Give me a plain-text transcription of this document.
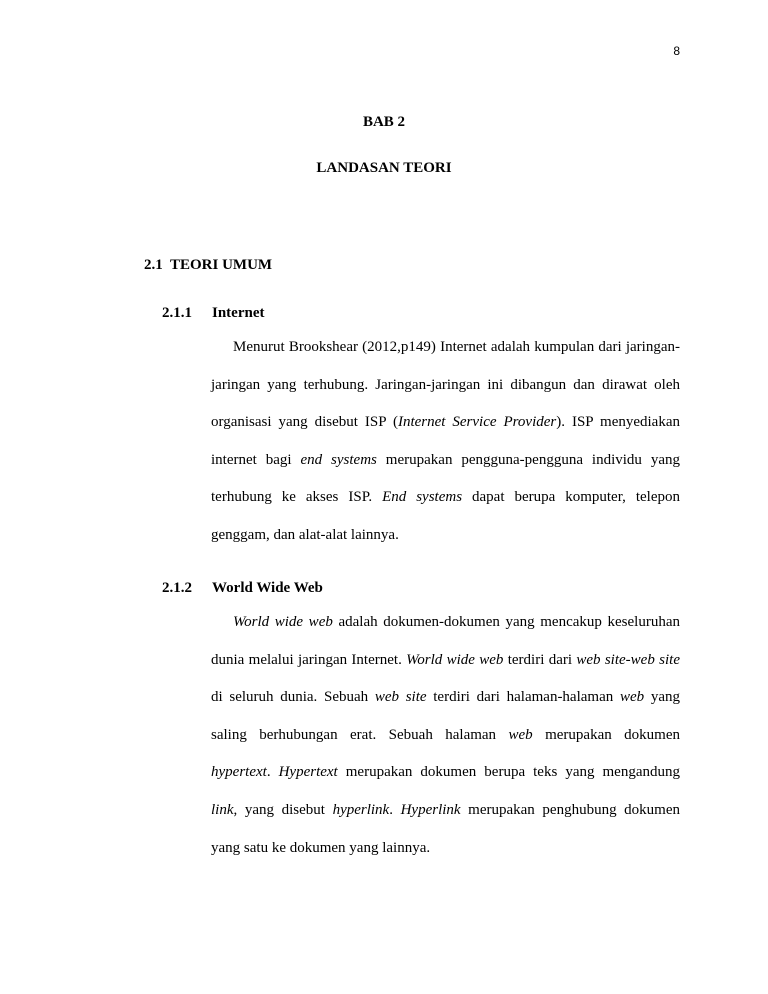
8
BAB 2
LANDASAN TEORI
2.1  TEORI UMUM
2.1.1 Internet

Menurut Brookshear (2012,p149) Internet adalah kumpulan dari jaringan-jaringan yang terhubung. Jaringan-jaringan ini dibangun dan dirawat oleh organisasi yang disebut ISP (Internet Service Provider). ISP menyediakan internet bagi end systems merupakan pengguna-pengguna individu yang terhubung ke akses ISP. End systems dapat berupa komputer, telepon genggam, dan alat-alat lainnya.

2.1.2 World Wide Web

World wide web adalah dokumen-dokumen yang mencakup keseluruhan dunia melalui jaringan Internet. World wide web terdiri dari web site-web site di seluruh dunia. Sebuah web site terdiri dari halaman-halaman web yang saling berhubungan erat. Sebuah halaman web merupakan dokumen hypertext. Hypertext merupakan dokumen berupa teks yang mengandung link, yang disebut hyperlink. Hyperlink merupakan penghubung dokumen yang satu ke dokumen yang lainnya.
